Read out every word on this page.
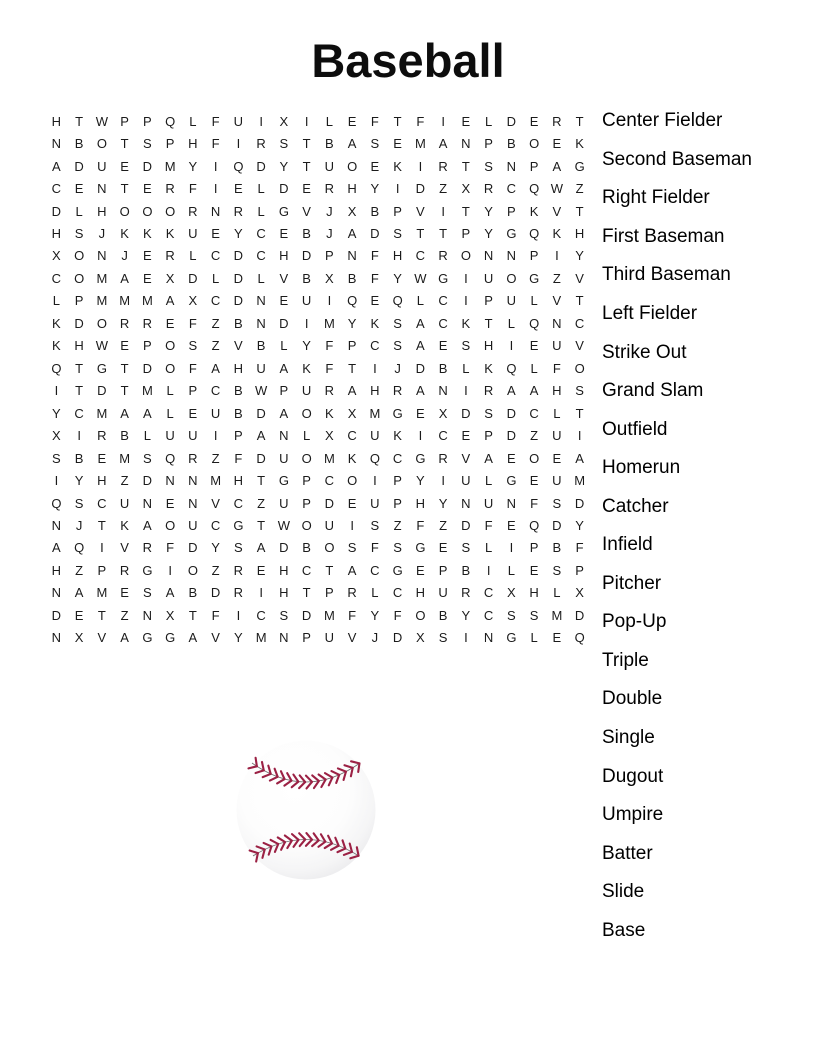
Baseball
H	T W P	P	Q	L	F	U	I	X	I	L	E	F	T	F	I	E	L	D	E	R	T
N	B	O	T	S	P	H	F	I	R	S	T	B	A	S	E	M A	N	P	B	O	E	K
A	D	U	E	D M Y	I	Q D	Y	T	U	O	E	K	I	R	T	S	N	P	A	G
C	E	N	T	E	R	F	I	E	L	D	E	R	H	Y	I	D	Z	X	R	C	Q W Z
D	L	H	O O O R	N	R	L	G	V	J	X	B	P	V	I	T	Y	P	K	V	T
H	S	J	K	K	K	U	E	Y	C	E	B	J	A	D	S	T	T	P	Y	G Q	K	H
X	O N	J	E	R	L	C	D	C	H	D	P	N	F	H	C	R	O N	N	P	I	Y
C	O M A	E	X	D	L	D	L	V	B	X	B	F	Y W G	I	U	O G	Z	V
L	P	M M M A	X	C	D	N	E	U	I	Q	E	Q	L	C	I	P	U	L	V	T
K	D	O R	R	E	F	Z	B	N	D	I	M Y	K	S	A	C	K	T	L	Q N	C
K	H W E	P	O	S	Z	V	B	L	Y	F	P	C	S	A	E	S	H	I	E	U	V
Q	T	G	T	D	O	F	A	H	U	A	K	F	T	I	J	D	B	L	K	Q	L	F	O
I	T	D	T	M	L	P	C	B W P	U	R	A	H	R	A	N	I	R	A	A	H	S
Y	C M A	A	L	E	U	B	D	A	O	K	X	M G	E	X	D	S	D	C	L	T
X	I	R	B	L	U	U	I	P	A	N	L	X	C	U	K	I	C	E	P	D	Z	U	I
S	B	E	M S	Q R	Z	F	D	U	O M K	Q C	G R	V	A	E	O	E	A
I	Y	H	Z	D	N	N M H	T	G	P	C	O	I	P	Y	I	U	L	G	E	U M
Q	S	C	U	N	E	N	V	C	Z	U	P	D	E	U	P	H	Y	N	U	N	F	S	D
N	J	T	K	A	O U	C	G	T W O U	I	S	Z	F	Z	D	F	E	Q D	Y
A	Q	I	V	R	F	D	Y	S	A	D	B	O	S	F	S	G	E	S	L	I	P	B	F
H	Z	P	R	G	I	O	Z	R	E	H	C	T	A	C	G	E	P	B	I	L	E	S	P
N	A	M E	S	A	B	D	R	I	H	T	P	R	L	C	H	U	R	C	X	H	L	X
D	E	T	Z	N	X	T	F	I	C	S	D M	F	Y	F	O	B	Y	C	S	S	M D
N	X	V	A	G G	A	V	Y	M N	P	U	V	J	D	X	S	I	N	G	L	E	Q
Center Fielder
Second Baseman
Right Fielder
First Baseman
Third Baseman
Left Fielder
Strike Out
Grand Slam
Outfield
Homerun
Catcher
Infield
Pitcher
Pop-Up
Triple
Double
Single
Dugout
Umpire
Batter
Slide
Base
